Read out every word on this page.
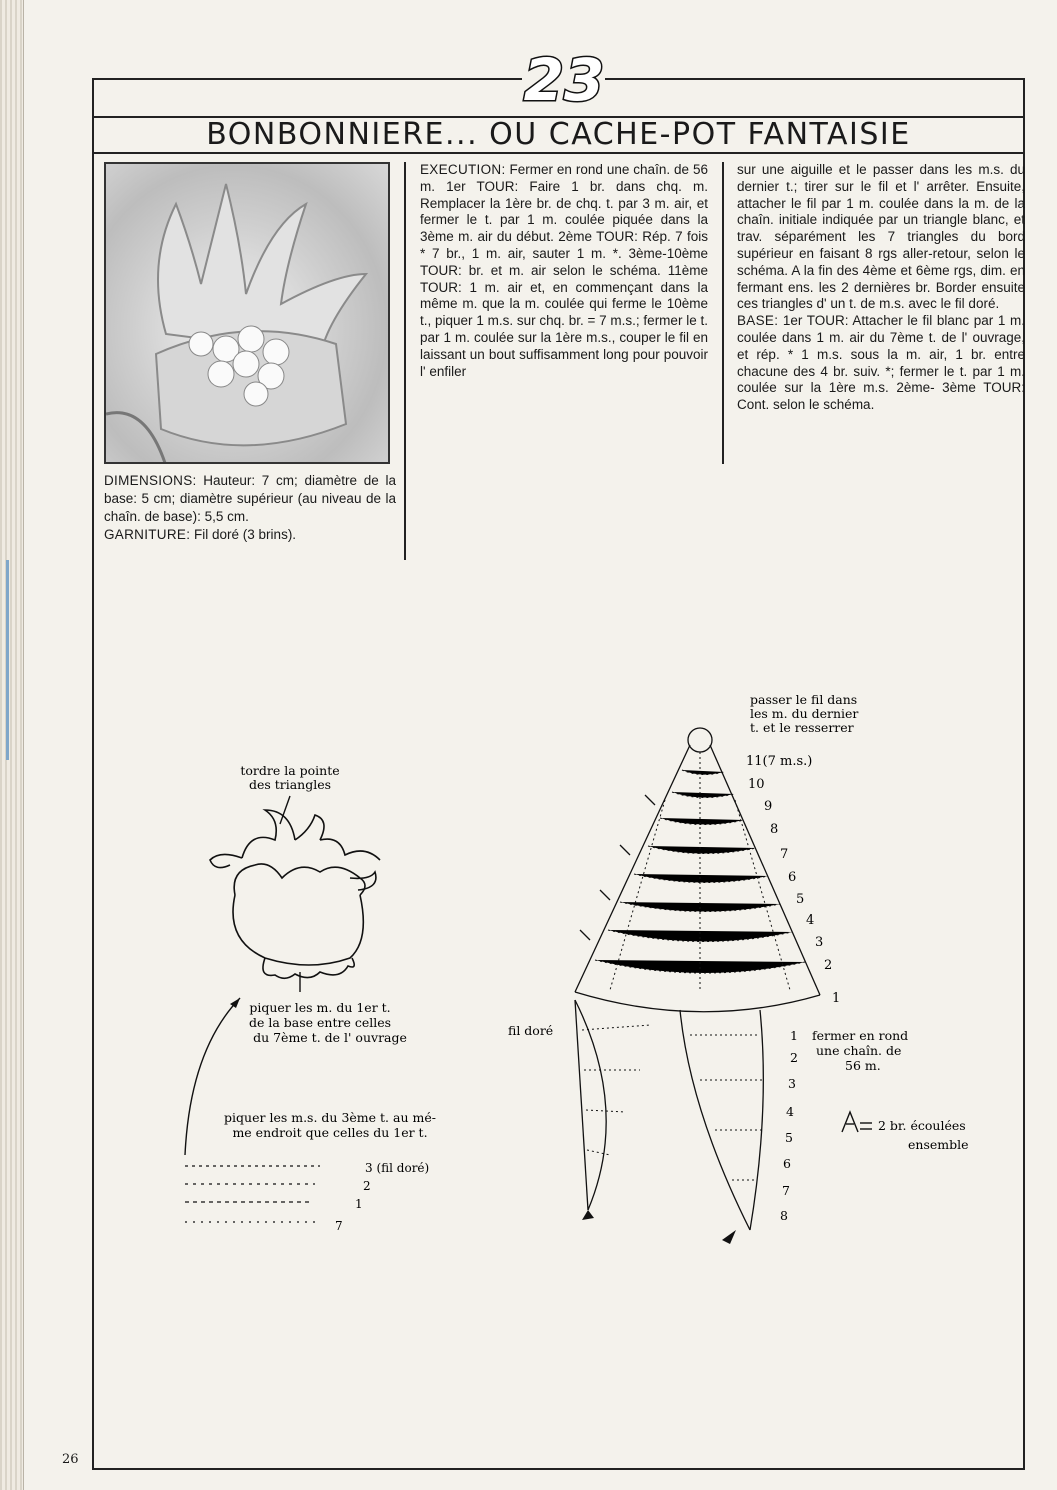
23
BONBONNIERE... OU CACHE-POT FANTAISIE
DIMENSIONS: Hauteur: 7 cm; diamètre de la base: 5 cm; diamètre supérieur (au niveau de la chaîn. de base): 5,5 cm.
GARNITURE: Fil doré (3 brins).
EXECUTION: Fermer en rond une chaîn. de 56 m. 1er TOUR: Faire 1 br. dans chq. m. Remplacer la 1ère br. de chq. t. par 3 m. air, et fermer le t. par 1 m. coulée piquée dans la 3ème m. air du début. 2ème TOUR: Rép. 7 fois * 7 br., 1 m. air, sauter 1 m. *. 3ème-10ème TOUR: br. et m. air selon le schéma. 11ème TOUR: 1 m. air et, en commençant dans la même m. que la m. coulée qui ferme le 10ème t., piquer 1 m.s. sur chq. br. = 7 m.s.; fermer le t. par 1 m. coulée sur la 1ère m.s., couper le fil en laissant un bout suffisamment long pour pouvoir l' enfiler
sur une aiguille et le passer dans les m.s. du dernier t.; tirer sur le fil et l' arrêter. Ensuite, attacher le fil par 1 m. coulée dans la m. de la chaîn. initiale indiquée par un triangle blanc, et trav. séparément les 7 triangles du bord supérieur en faisant 8 rgs aller-retour, selon le schéma. A la fin des 4ème et 6ème rgs, dim. en fermant ens. les 2 dernières br. Border ensuite ces triangles d' un t. de m.s. avec le fil doré.
BASE: 1er TOUR: Attacher le fil blanc par 1 m. coulée dans 1 m. air du 7ème t. de l' ouvrage, et rép. * 1 m.s. sous la m. air, 1 br. entre chacune des 4 br. suiv. *; fermer le t. par 1 m. coulée sur la 1ère m.s. 2ème- 3ème TOUR: Cont. selon le schéma.
tordre la pointe
des triangles
piquer les m. du 1er t.
de la base entre celles
du 7ème t. de l' ouvrage
piquer les m.s. du 3ème t. au mé-
me endroit que celles du 1er t.
3 (fil doré)
2
1
7
passer le fil dans
les m. du dernier
t. et le resserrer
11(7 m.s.)
10
9
8
7
6
5
4
3
2
1
fil doré	1
2
3
4
5
6
7
8
fermer en rond
une chaîn. de
56 m.
2 br. écoulées
ensemble
26
